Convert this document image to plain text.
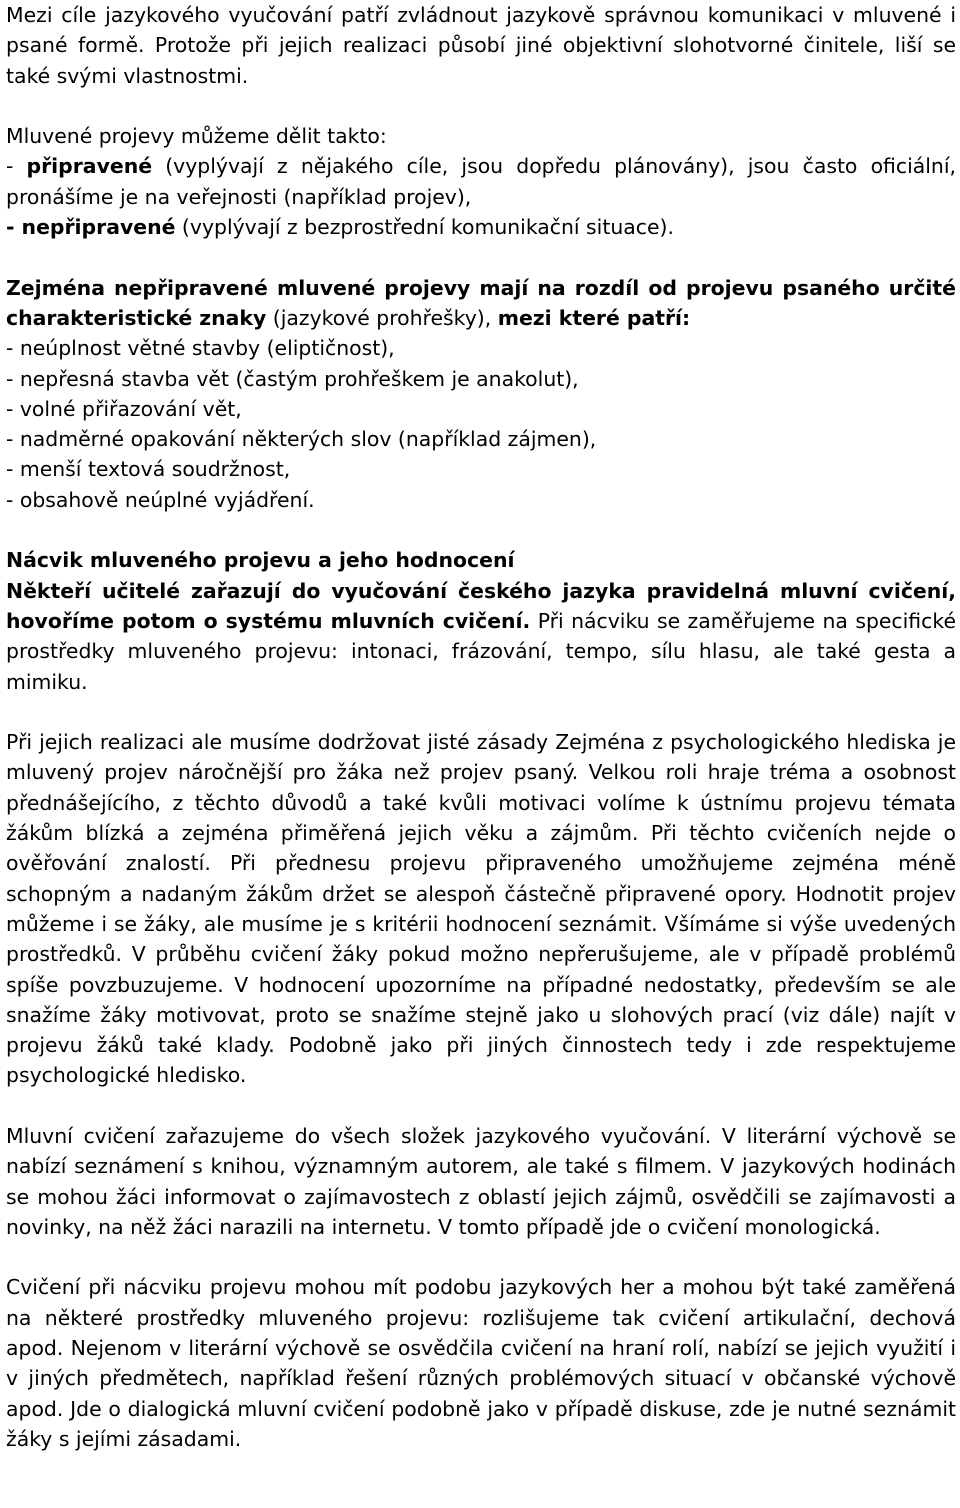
Mezi cíle jazykového vyučování patří zvládnout jazykově správnou komunikaci v mluvené i psané formě. Protože při jejich realizaci působí jiné objektivní slohotvorné činitele, liší se také svými vlastnostmi.

Mluvené projevy můžeme dělit takto:
- připravené (vyplývají z nějakého cíle, jsou dopředu plánovány), jsou často oficiální, pronášíme je na veřejnosti (například projev),
- nepřipravené (vyplývají z bezprostřední komunikační situace).

Zejména nepřipravené mluvené projevy mají na rozdíl od projevu psaného určité charakteristické znaky (jazykové prohřešky), mezi které patří:
- neúplnost větné stavby (eliptičnost),
- nepřesná stavba vět (častým prohřeškem je anakolut),
- volné přiřazování vět,
- nadměrné opakování některých slov (například zájmen),
- menší textová soudržnost,
- obsahově neúplné vyjádření.

Nácvik mluveného projevu a jeho hodnocení
Někteří učitelé zařazují do vyučování českého jazyka pravidelná mluvní cvičení, hovoříme potom o systému mluvních cvičení. Při nácviku se zaměřujeme na specifické prostředky mluveného projevu: intonaci, frázování, tempo, sílu hlasu, ale také gesta a mimiku.

Při jejich realizaci ale musíme dodržovat jisté zásady Zejména z psychologického hlediska je mluvený projev náročnější pro žáka než projev psaný. Velkou roli hraje tréma a osobnost přednášejícího, z těchto důvodů a také kvůli motivaci volíme k ústnímu projevu témata žákům blízká a zejména přiměřená jejich věku a zájmům. Při těchto cvičeních nejde o ověřování znalostí. Při přednesu projevu připraveného umožňujeme zejména méně schopným a nadaným žákům držet se alespoň částečně připravené opory. Hodnotit projev můžeme i se žáky, ale musíme je s kritérii hodnocení seznámit. Všímáme si výše uvedených prostředků. V průběhu cvičení žáky pokud možno nepřerušujeme, ale v případě problémů spíše povzbuzujeme. V hodnocení upozorníme na případné nedostatky, především se ale snažíme žáky motivovat, proto se snažíme stejně jako u slohových prací (viz dále) najít v projevu žáků také klady. Podobně jako při jiných činnostech tedy i zde respektujeme psychologické hledisko.

Mluvní cvičení zařazujeme do všech složek jazykového vyučování. V literární výchově se nabízí seznámení s knihou, významným autorem, ale také s filmem. V jazykových hodinách se mohou žáci informovat o zajímavostech z oblastí jejich zájmů, osvědčili se zajímavosti a novinky, na něž žáci narazili na internetu. V tomto případě jde o cvičení monologická.

Cvičení při nácviku projevu mohou mít podobu jazykových her a mohou být také zaměřená na některé prostředky mluveného projevu: rozlišujeme tak cvičení artikulační, dechová apod. Nejenom v literární výchově se osvědčila cvičení na hraní rolí, nabízí se jejich využití i v jiných předmětech, například řešení různých problémových situací v občanské výchově apod. Jde o dialogická mluvní cvičení podobně jako v případě diskuse, zde je nutné seznámit žáky s jejími zásadami.
